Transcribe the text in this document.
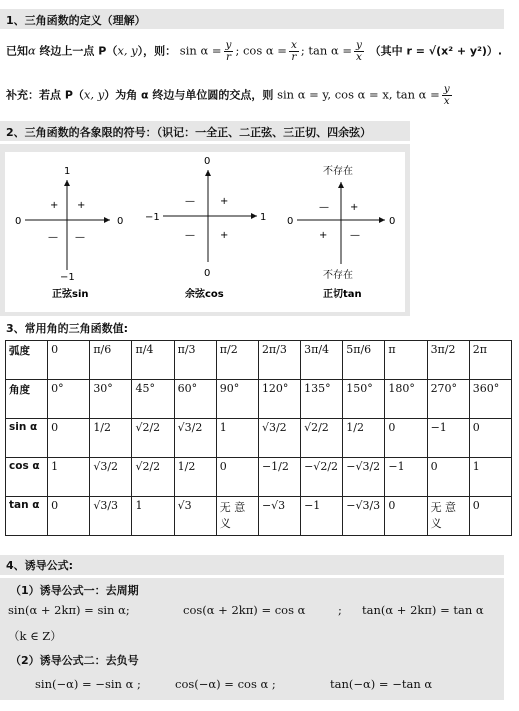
1、三角函数的定义（理解）
已知α 终边上一点 P（x, y），则： $\sin \alpha = \frac{y}{r}$ ; $\cos \alpha = \frac{x}{r}$ ; $\tan \alpha = \frac{y}{x}$ （其中 r = √(x² + y²)）.
补充：若点 P（x, y）为角 α 终边与单位圆的交点，则 sin α = y, cos α = x, $\tan \alpha = \frac{y}{x}$
2、三角函数的各象限的符号：（识记：一全正、二正弦、三正切、四余弦）
1
−1
0	0
+
+
— —
正弦sin
0
0
−1	1
+
—
—	+
余弦cos
不存在
不存在
0	0
+
—
+ —
正切tan
3、常用角的三角函数值:
弧度	0	π/6	π/4	π/3	π/2	2π/3	3π/4	5π/6	π	3π/2	2π
角度	0°	30°	45°	60°	90°	120°	135°	150°	180°	270°	360°
sin α	0	1/2	√2/2	√3/2	1	√3/2	√2/2	1/2	0	−1	0
cos α	1	√3/2	√2/2	1/2	0	−1/2	−√2/2	−√3/2	−1	0	1
tan α	0	√3/3	1	√3	无 意 义	−√3	−1	−√3/3	0	无 意 义	0
4、诱导公式:
（1）诱导公式一：去周期
sin(α + 2kπ) = sin α;	cos(α + 2kπ) = cos α	; tan(α + 2kπ) = tan α
（k ∈ Z）
（2）诱导公式二：去负号
sin(−α) = −sin α ;	cos(−α) = cos α ;	tan(−α) = −tan α
